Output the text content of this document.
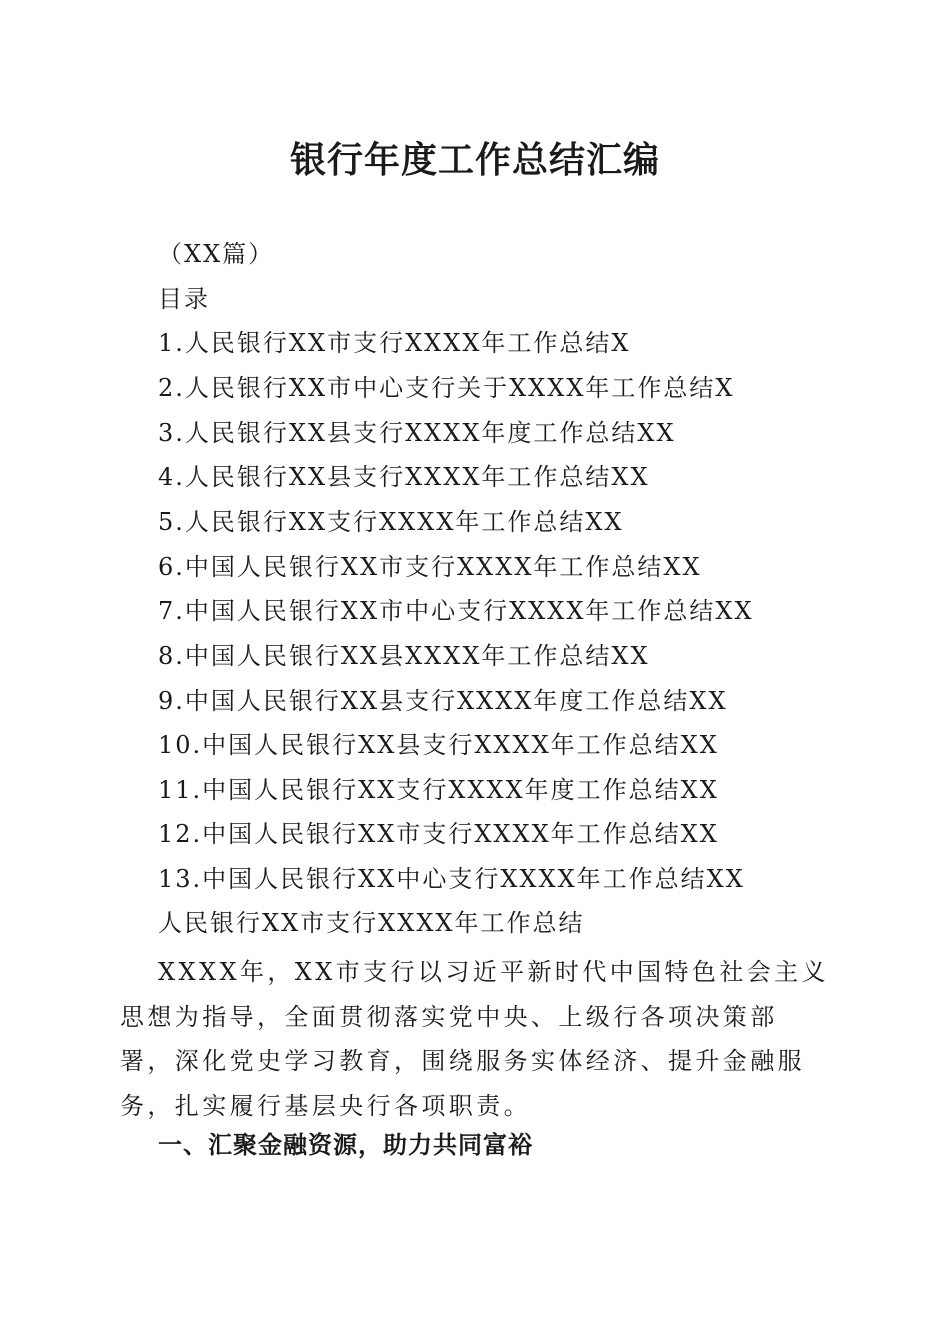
银行年度工作总结汇编

（XX篇）

目录

1.人民银行XX市支行XXXX年工作总结X

2.人民银行XX市中心支行关于XXXX年工作总结X

3.人民银行XX县支行XXXX年度工作总结XX

4.人民银行XX县支行XXXX年工作总结XX

5.人民银行XX支行XXXX年工作总结XX

6.中国人民银行XX市支行XXXX年工作总结XX

7.中国人民银行XX市中心支行XXXX年工作总结XX

8.中国人民银行XX县XXXX年工作总结XX

9.中国人民银行XX县支行XXXX年度工作总结XX

10.中国人民银行XX县支行XXXX年工作总结XX

11.中国人民银行XX支行XXXX年度工作总结XX

12.中国人民银行XX市支行XXXX年工作总结XX

13.中国人民银行XX中心支行XXXX年工作总结XX

人民银行XX市支行XXXX年工作总结

XXXX年，XX市支行以习近平新时代中国特色社会主义思想为指导，全面贯彻落实党中央、上级行各项决策部署，深化党史学习教育，围绕服务实体经济、提升金融服务，扎实履行基层央行各项职责。

一、汇聚金融资源，助力共同富裕
